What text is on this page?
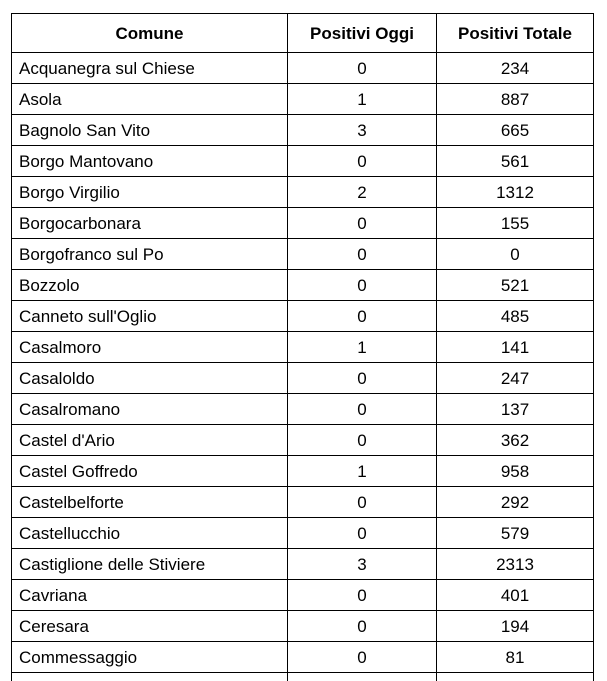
Comune	Positivi Oggi	Positivi Totale
Acquanegra sul Chiese	0	234
Asola	1	887
Bagnolo San Vito	3	665
Borgo Mantovano	0	561
Borgo Virgilio	2	1312
Borgocarbonara	0	155
Borgofranco sul Po	0	0
Bozzolo	0	521
Canneto sull'Oglio	0	485
Casalmoro	1	141
Casaloldo	0	247
Casalromano	0	137
Castel d'Ario	0	362
Castel Goffredo	1	958
Castelbelforte	0	292
Castellucchio	0	579
Castiglione delle Stiviere	3	2313
Cavriana	0	401
Ceresara	0	194
Commessaggio	0	81
